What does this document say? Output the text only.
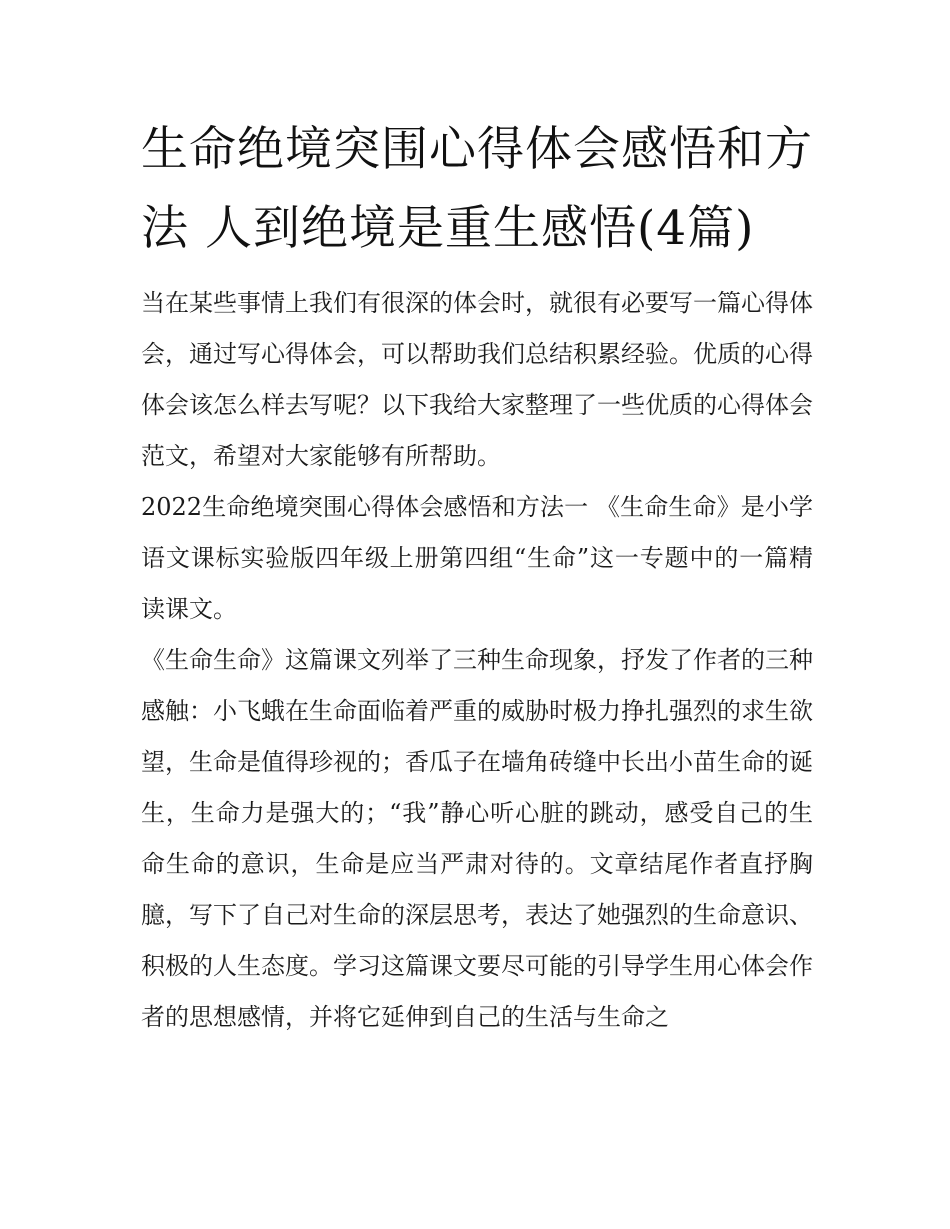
生命绝境突围心得体会感悟和方法 人到绝境是重生感悟(4篇)

当在某些事情上我们有很深的体会时，就很有必要写一篇心得体会，通过写心得体会，可以帮助我们总结积累经验。优质的心得体会该怎么样去写呢？以下我给大家整理了一些优质的心得体会范文，希望对大家能够有所帮助。

2022生命绝境突围心得体会感悟和方法一 《生命生命》是小学语文课标实验版四年级上册第四组“生命”这一专题中的一篇精读课文。

《生命生命》这篇课文列举了三种生命现象，抒发了作者的三种感触：小飞蛾在生命面临着严重的威胁时极力挣扎强烈的求生欲望，生命是值得珍视的；香瓜子在墙角砖缝中长出小苗生命的诞生，生命力是强大的；“我”静心听心脏的跳动，感受自己的生命生命的意识，生命是应当严肃对待的。文章结尾作者直抒胸臆，写下了自己对生命的深层思考，表达了她强烈的生命意识、积极的人生态度。学习这篇课文要尽可能的引导学生用心体会作者的思想感情，并将它延伸到自己的生活与生命之
